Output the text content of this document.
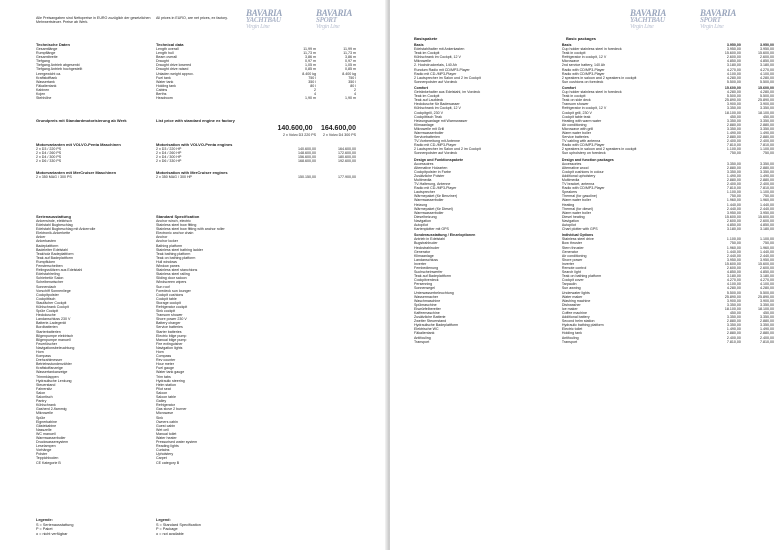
BAVARIA
YACHTBAU
Virgin Line
BAVARIA
SPORT
Virgin Line
Alle Preisangaben sind Nettopreise in EURO zuzüglich der gesetzlichen Mehrwertsteuer. Preise ab Werk.
All prices in EURO, are net prices, ex factory.
Technische Daten	Technical data
Gesamtlänge	Length overall	11,99 m	11,99 m
Rumpflänge	Length hull	11,73 m	11,73 m
Gesamtbreite	Beam overall	3,86 m	3,86 m
Tiefgang	Draught	0,97 m	0,97 m
Tiefgang Antrieb abgesenkt	Draught drive lowered	1,05 m	1,05 m
Tiefgang Antrieb hochgestellt	Draught drive raised	0,85 m	0,85 m
Leergewicht ca.	Unladen weight approx.	8.400 kg	8.400 kg
Kraftstofftank	Fuel tank	750 l	750 l
Wassertank	Water tank	350 l	350 l
Fäkalientank	Holding tank	80 l	80 l
Kabinen	Cabins	2	2
Kojen	Berths	4	4
Stehhöhe	Headroom	1,90 m	1,90 m
Grundpreis mit Standardmotorisierung ab Werk	List price with standard engine ex factory
140.600,00	164.600,00
2 x Volvo D3 220 PS	2 x Volvo D4 300 PS
Motorvarianten mit VOLVO-Penta Maschinen	Motorisation with VOLVO-Penta engines
2 x D3 / 220 PS	2 x D3 / 220 HP	140.600,00	164.600,00
2 x D4 / 260 PS	2 x D4 / 260 HP	148.600,00	172.600,00
2 x D4 / 300 PS	2 x D4 / 300 HP	156.600,00	180.600,00
2 x D6 / 330 PS	2 x D6 / 330 HP	168.600,00	192.600,00
Motorvarianten mit MerCruiser Maschinen	Motorisation with MerCruiser engines
2 x 350 MAG / 300 PS	2 x 350 MAG / 300 HP	150.150,00	177.900,00
Serienausstattung	Standard Specification
Ankerwinde, elektrisch	Anchor winch, electric
Edelstahl Bugbeschlag	Stainless steel bow fitting
Edelstahl Bugbeschlag mit Ankerrolle	Stainless steel bow fitting with anchor roller
Elektronik-Ankerkette	Electronic anchor chain
Anker	Anchor
Ankerkasten	Anchor locker
Badeplattform	Bathing platform
Badeleiter Edelstahl	Stainless steel bathing ladder
Teakholz Badeplattform	Teak bathing platform
Teak auf Badeplattform	Teak on bathing platform
Rumpfluken	Hull windows
Fensterscheiben	Window panes
Relingsstützen aus Edelstahl	Stainless steel stanchions
Edelstahlreling	Stainless steel railing
Schiebetür Salon	Sliding door saloon
Scheibenwischer	Windscreen wipers
Sonnendach	Sun roof
Vorschiff Sonnenliege	Foredeck sun lounger
Cockpitpolster	Cockpit cushions
Cockpittisch	Cockpit table
Staufächer Cockpit	Storage cockpit
Kühlschrank Cockpit	Refrigerator cockpit
Spüle Cockpit	Sink cockpit
Heckdusche	Transom shower
Landanschluss 230 V	Shore power 230 V
Batterie-Ladegerät	Battery charger
Bordbatterien	Service batteries
Starterbatterien	Starter batteries
Bilgenpumpe elektrisch	Electric bilge pump
Bilgenpumpe manuell	Manual bilge pump
Feuerlöscher	Fire extinguisher
Navigationsbeleuchtung	Navigation lights
Horn	Horn
Kompass	Compass
Drehzahlmesser	Rev counter
Betriebsstundenzähler	Hour meter
Kraftstoffanzeige	Fuel gauge
Wassertankanzeige	Water tank gauge
Trimmklappen	Trim tabs
Hydraulische Lenkung	Hydraulic steering
Steuerstand	Helm station
Fahrersitz	Pilot seat
Salon	Saloon
Salontisch	Saloon table
Pantry	Galley
Kühlschrank	Refrigerator
Gasherd 2-flammig	Gas stove 2 burner
Mikrowelle	Microwave
Spüle	Sink
Eignerkabine	Owners cabin
Gästekabine	Guest cabin
Nasszelle	Wet cell
WC manuell	Manual toilet
Warmwasserboiler	Water heater
Druckwassersystem	Pressurised water system
Leselampen	Reading lights
Vorhänge	Curtains
Polster	Upholstery
Teppichboden	Carpet
CE Kategorie B	CE category B
Legende:	Legend:
S = Serienausstattung	S = Standard Specification
P = Paket	P = Package
o = nicht verfügbar	o = not available
BAVARIA
YACHTBAU
Virgin Line
BAVARIA
SPORT
Virgin Line
Basispakete	Basic packages
Basis	Basis	3.950,00	3.950,00
Edelstahlhalter mit Ankerkasten	Cup holder stainless steel in foredeck	3.950,00	3.950,00
Teak im Cockpit	Teak in cockpit	15.600,00	15.600,00
Kühlschrank im Cockpit, 12 V	Refrigerator in cockpit, 12 V	2.600,00	2.600,00
Mikrowelle	Microwave	4.850,00	4.850,00
2. Hochdruckrelais, 140 Ah	2nd service battery, 140 Ah	3.180,00	3.180,00
Rundum Radio mit CD/MP3-Player	Radio with CD/MP3-Player	4.270,00	4.270,00
Radio mit CD-/MP3-Player	Radio with CD/MP3-Player	4.100,00	4.100,00
2 Lautsprecher im Salon und 2 im Cockpit	2 speakers in saloon and 2 speakers in cockpit	4.280,00	4.280,00
Sonnenpolster auf Vordeck	Sun cushions on foredeck	5.500,00	5.500,00
Comfort	Comfort	15.600,00	15.600,00
Getränkehalter aus Edelstahl, im Vordeck	Cup holder stainless steel in foredeck	4.280,00	4.280,00
Teak im Cockpit	Teak in cockpit	5.500,00	5.500,00
Teak auf Laufdeck	Teak on side deck	25.890,00	25.890,00
Heckdusche für Badewasser	Transom shower	3.900,00	3.900,00
Kühlschrank im Cockpit, 12 V	Refrigerator in cockpit, 12 V	3.350,00	3.350,00
Cockpitgrill, 230 V	Cockpit grill, 230 V	18.100,00	18.100,00
Cockpittisch Teak	Cockpit table teak	450,00	450,00
Heizungsanlage mit Warmwasser	Heating with warm water	3.350,00	3.350,00
Klimaanlage	Air conditioning	2.880,00	2.880,00
Mikrowelle mit Grill	Microwave with grill	3.350,00	3.350,00
Warmwasserboiler	Warm water boiler	1.490,00	1.490,00
Servicebatterien	Service batteries	2.880,00	2.880,00
TV-Vorbereitung mit Antenne	TV cabling with antenna	2.400,00	2.400,00
Radio mit CD-/MP3-Player	Radio with CD/MP3-Player	7.810,00	7.810,00
2 Lautsprecher im Salon und 2 im Cockpit	2 speakers in saloon and 2 speakers in cockpit	1.100,00	1.100,00
Sonnenpolster auf Vordeck	Sun upholstery on foredeck	750,00	750,00
Design und Funktionspakete	Design and function packages
Accessoires	Accessories	3.350,00	3.350,00
Alternative Holzarten	Alternative wood	2.880,00	2.880,00
Cockpitpolster in Farbe	Cockpit cushions in colour	3.350,00	3.350,00
Zusätzliche Polster	Additional upholstery	1.490,00	1.490,00
Multimedia	Multimedia	2.880,00	2.880,00
TV-Halterung, Antenne	TV bracket, antenna	2.400,00	2.400,00
Radio mit CD-/MP3-Player	Radio with CD/MP3-Player	7.810,00	7.810,00
Lautsprecher	Speakers	1.100,00	1.100,00
Wärmepaket (für Benziner)	Thermal (for gasoline)	750,00	750,00
Warmwasserboiler	Warm water boiler	1.960,00	1.960,00
Heizung	Heating	1.440,00	1.440,00
Wärmepaket (für Diesel)	Thermal (for diesel)	2.440,00	2.440,00
Warmwasserboiler	Warm water boiler	3.950,00	3.950,00
Dieselheizung	Diesel heating	15.600,00	15.600,00
Navigation	Navigation	2.600,00	2.600,00
Autopilot	Autopilot	4.850,00	4.850,00
Kartenplotter mit GPS	Chart plotter with GPS	3.180,00	3.180,00
Sonderausstattung / Einzeloptionen	Individual Options
Antrieb in Edelstahl	Stainless steel drive	1.100,00	1.100,00
Bugstrahlruder	Bow thruster	750,00	750,00
Heckstrahlruder	Stern thruster	1.960,00	1.960,00
Generator	Generator	1.440,00	1.440,00
Klimaanlage	Air conditioning	2.440,00	2.440,00
Landanschluss	Shore power	3.950,00	3.950,00
Inverter	Inverter	15.600,00	15.600,00
Fernbedienung	Remote control	2.600,00	2.600,00
Suchscheinwerfer	Search light	4.850,00	4.850,00
Teak auf Badeplattform	Teak on bathing platform	3.180,00	3.180,00
Cockpitverdeck	Cockpit cover	4.270,00	4.270,00
Persenning	Tarpaulin	4.100,00	4.100,00
Sonnensegel	Sun awning	4.280,00	4.280,00
Unterwasserbeleuchtung	Underwater lights	5.500,00	5.500,00
Wassermacher	Water maker	25.890,00	25.890,00
Waschmaschine	Washing machine	3.900,00	3.900,00
Spülmaschine	Dishwasher	3.350,00	3.350,00
Eiswürfelbereiter	Ice maker	18.100,00	18.100,00
Kaffeemaschine	Coffee machine	450,00	450,00
Zusätzliche Batterie	Additional battery	3.350,00	3.350,00
Zweiter Steuerstand	Second helm station	2.880,00	2.880,00
Hydraulische Badeplattform	Hydraulic bathing platform	3.350,00	3.350,00
Elektrische WC	Electric toilet	1.490,00	1.490,00
Fäkalientank	Holding tank	2.880,00	2.880,00
Antifouling	Antifouling	2.400,00	2.400,00
Transport	Transport	7.810,00	7.810,00
